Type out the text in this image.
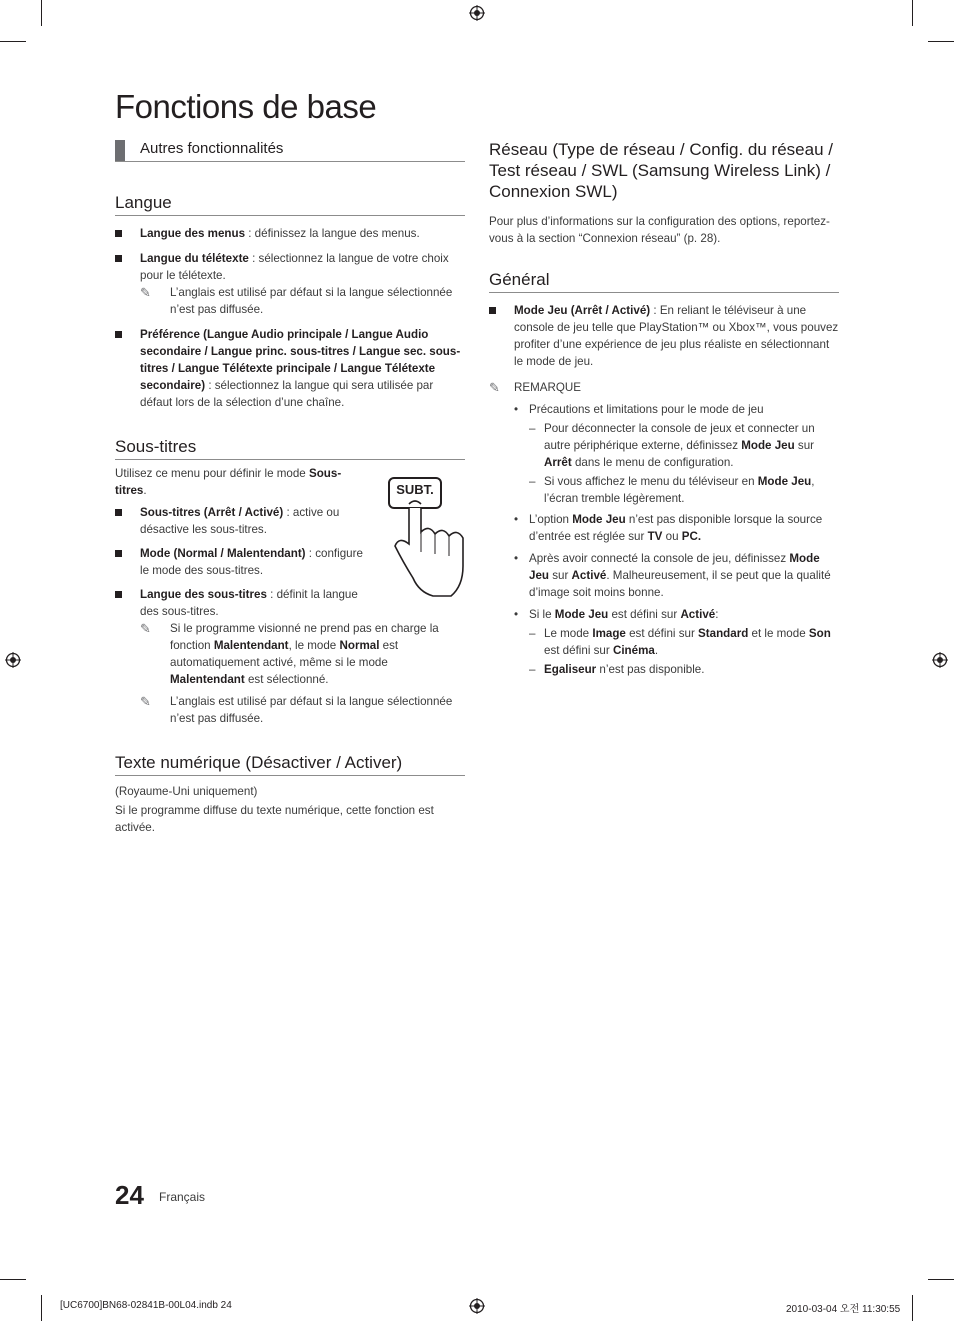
Fonctions de base
Autres fonctionnalités
Langue
Langue des menus : définissez la langue des menus.
Langue du télétexte : sélectionnez la langue de votre choix pour le télétexte.
✎ L’anglais est utilisé par défaut si la langue sélectionnée n’est pas diffusée.
Préférence (Langue Audio principale / Langue Audio secondaire / Langue princ. sous-titres / Langue sec. sous-titres / Langue Télétexte principale / Langue Télétexte secondaire) : sélectionnez la langue qui sera utilisée par défaut lors de la sélection d’une chaîne.
Sous-titres
Utilisez ce menu pour définir le mode Sous-titres.
Sous-titres (Arrêt / Activé) : active ou désactive les sous-titres.
Mode (Normal / Malentendant) : configure le mode des sous-titres.
Langue des sous-titres : définit la langue des sous-titres.
✎ Si le programme visionné ne prend pas en charge la fonction Malentendant, le mode Normal est automatiquement activé, même si le mode Malentendant est sélectionné.
✎ L’anglais est utilisé par défaut si la langue sélectionnée n’est pas diffusée.
Texte numérique (Désactiver / Activer)
(Royaume-Uni uniquement)
Si le programme diffuse du texte numérique, cette fonction est activée.
SUBT.
Réseau (Type de réseau / Config. du réseau / Test réseau / SWL (Samsung Wireless Link) / Connexion SWL)
Pour plus d’informations sur la configuration des options, reportez-vous à la section “Connexion réseau” (p. 28).
Général
Mode Jeu (Arrêt / Activé) : En reliant le téléviseur à une console de jeu telle que PlayStation™ ou Xbox™, vous pouvez profiter d’une expérience de jeu plus réaliste en sélectionnant le mode de jeu.
✎ REMARQUE
• Précautions et limitations pour le mode de jeu
– Pour déconnecter la console de jeux et connecter un autre périphérique externe, définissez Mode Jeu sur Arrêt dans le menu de configuration.
– Si vous affichez le menu du téléviseur en Mode Jeu, l’écran tremble légèrement.
• L’option Mode Jeu n’est pas disponible lorsque la source d’entrée est réglée sur TV ou PC.
• Après avoir connecté la console de jeu, définissez Mode Jeu sur Activé. Malheureusement, il se peut que la qualité d’image soit moins bonne.
• Si le Mode Jeu est défini sur Activé:
– Le mode Image est défini sur Standard et le mode Son est défini sur Cinéma.
– Egaliseur n’est pas disponible.
24 Français
[UC6700]BN68-02841B-00L04.indb 24	2010-03-04 오전 11:30:55
